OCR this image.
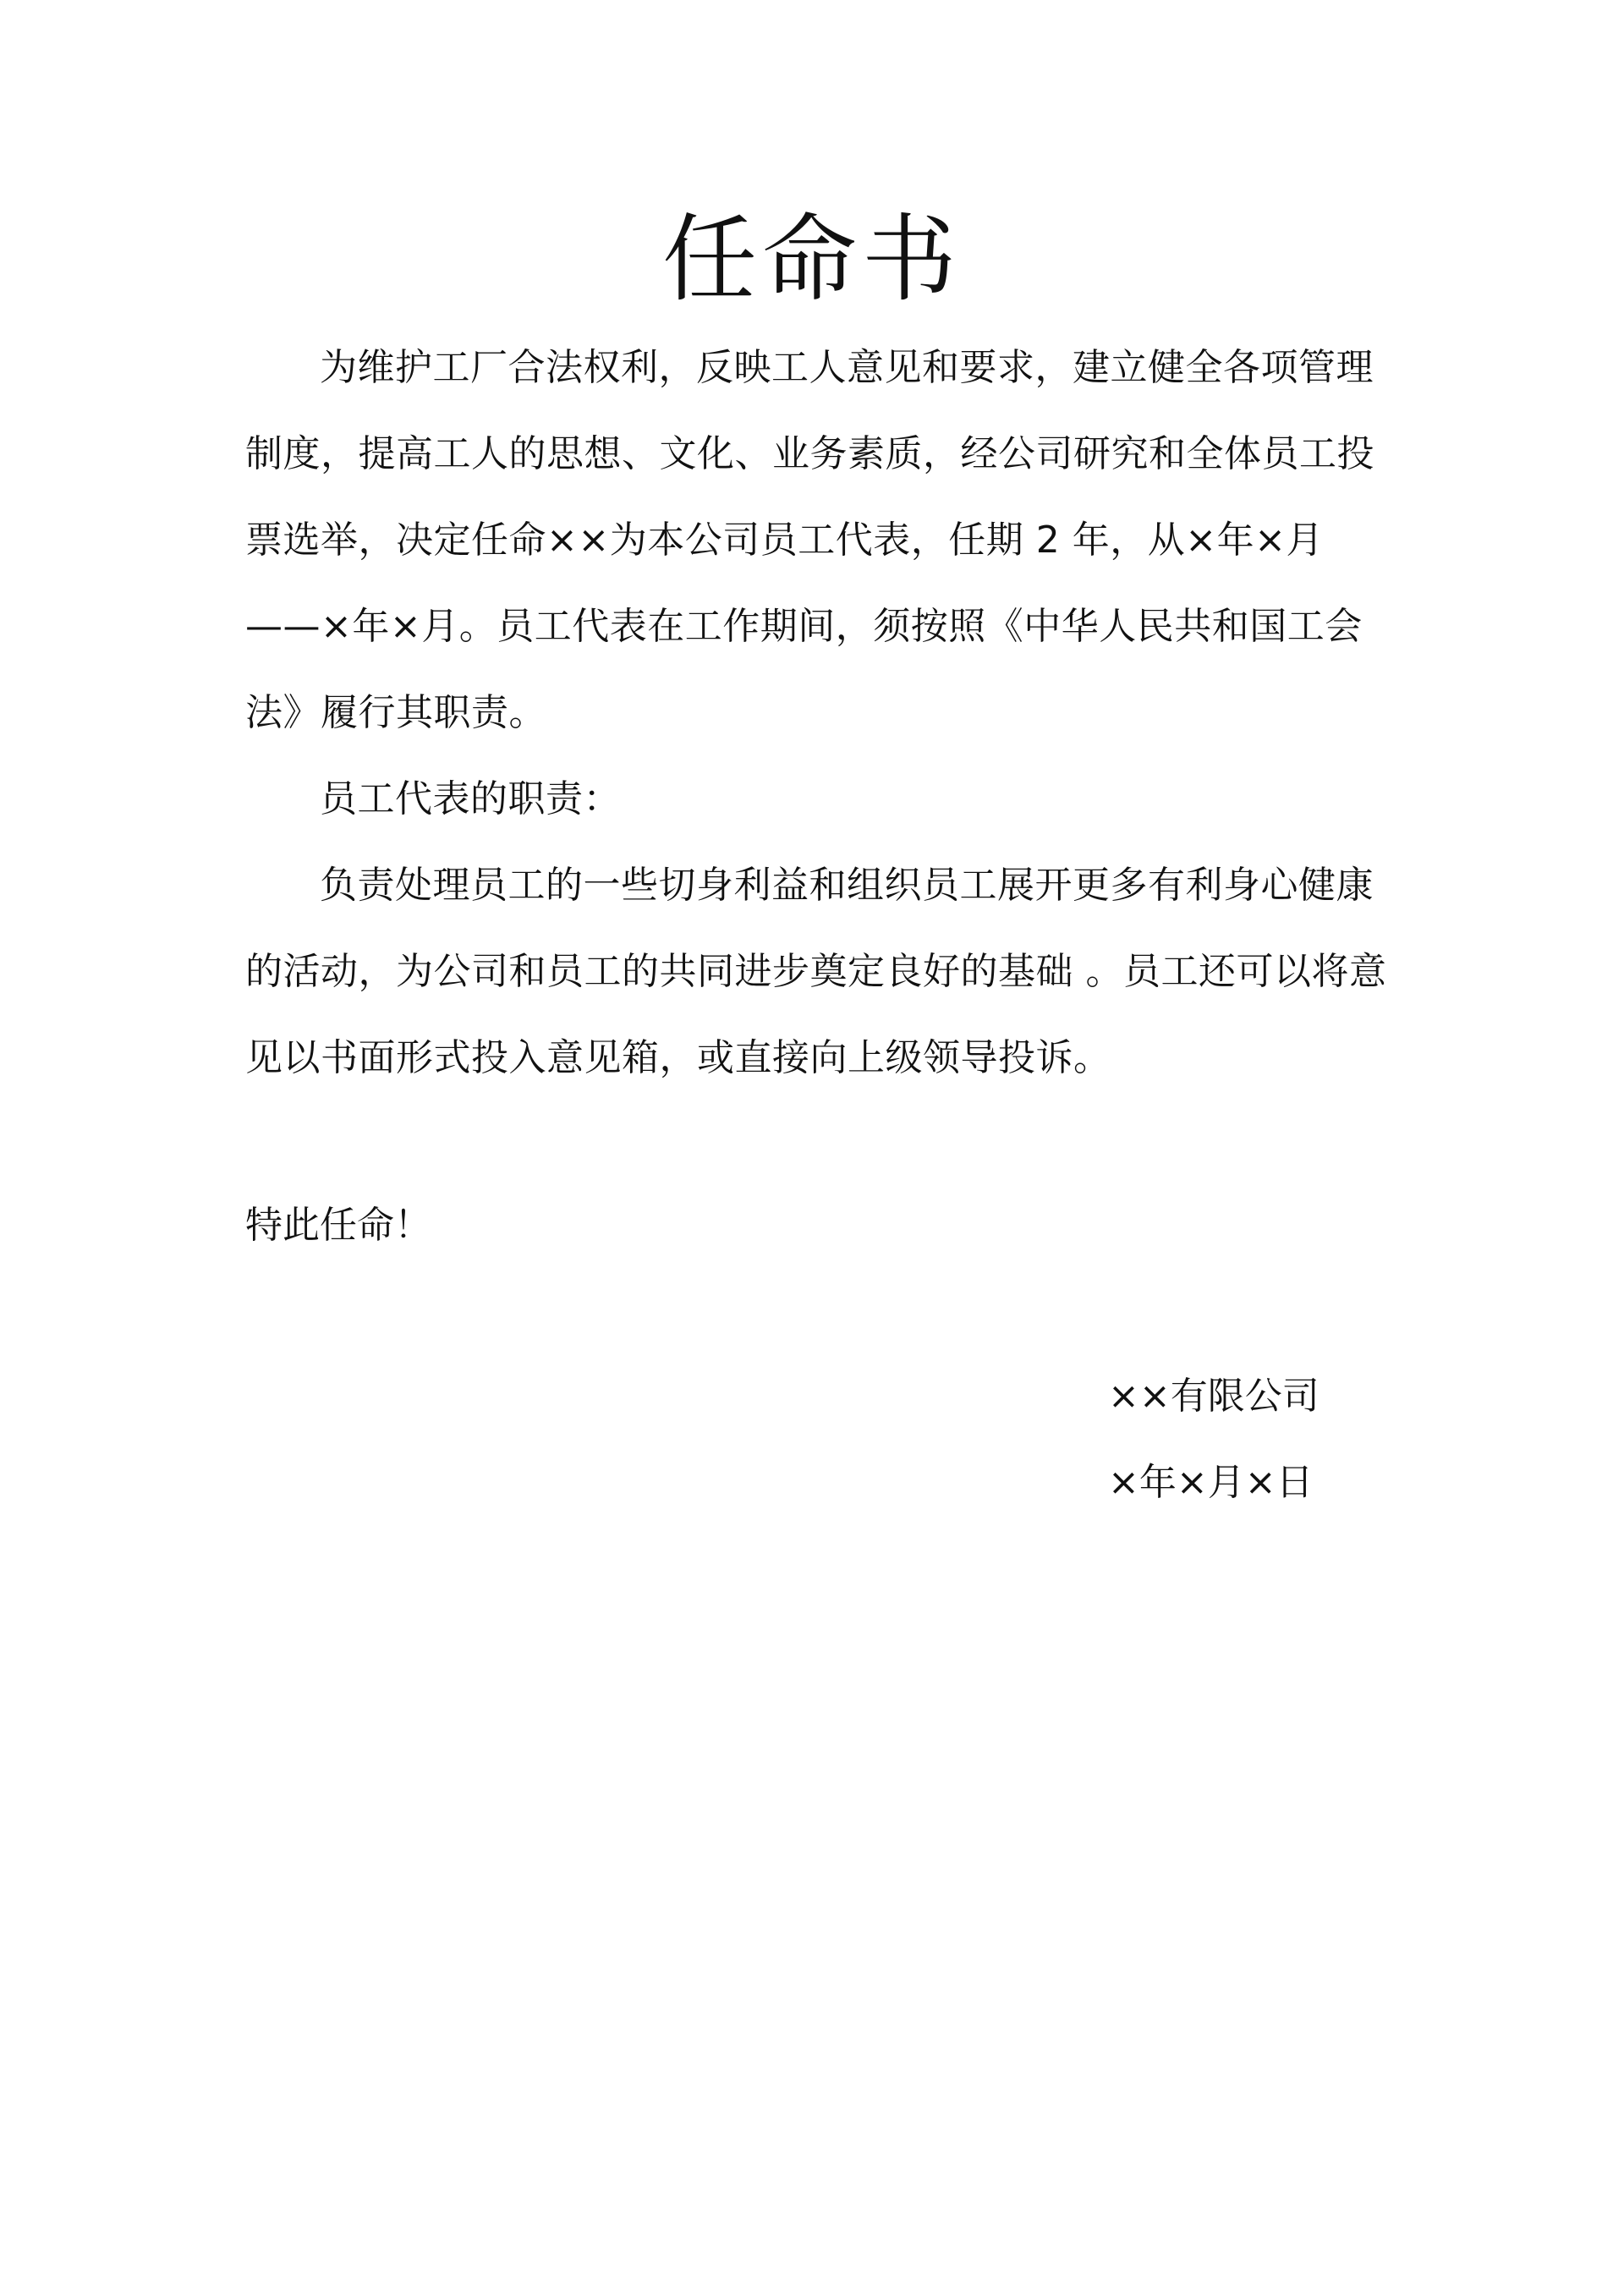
任命书

为维护工厂合法权利，反映工人意见和要求，建立健全各项管理制度，提高工人的思想、文化、业务素质，经公司研究和全体员工投票选举，决定任命××为本公司员工代表，任期 2 年，从×年×月——×年×月。员工代表在工作期间，须按照《中华人民共和国工会法》履行其职责。

员工代表的职责：

负责处理员工的一些切身利益和组织员工展开更多有利身心健康的活动，为公司和员工的共同进步奠定良好的基础 。员工还可以将意见以书面形式投入意见箱，或直接向上级领导投诉。

特此任命！

××有限公司
×年×月×日
